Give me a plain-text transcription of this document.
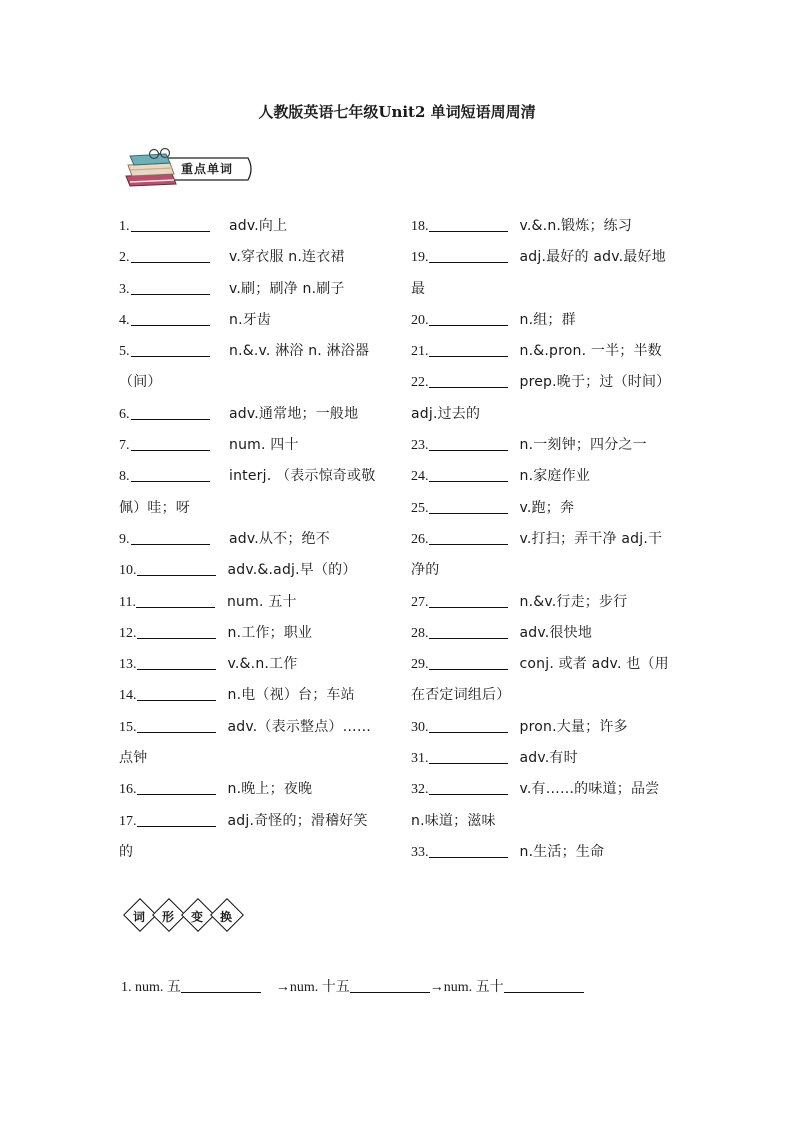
人教版英语七年级Unit2 单词短语周周清
重点单词
1.	adv.向上
2.	v.穿衣服 n.连衣裙
3.	v.刷；刷净 n.刷子
4.	n.牙齿
5.	n.&.v. 淋浴 n. 淋浴器
（间）
6.	adv.通常地；一般地
7.	num. 四十
8.	interj. （表示惊奇或敬
佩）哇；呀
9.	adv.从不；绝不
10.	adv.&.adj.早（的）
11.	num. 五十
12.	n.工作；职业
13.	v.&.n.工作
14.	n.电（视）台；车站
15.	adv.（表示整点）……
点钟
16.	n.晚上；夜晚
17.	adj.奇怪的；滑稽好笑
的
18.	v.&.n.锻炼；练习
19.	adj.最好的 adv.最好地
最
20.	n.组；群
21.	n.&.pron. 一半；半数
22.	prep.晚于；过（时间）
adj.过去的
23.	n.一刻钟；四分之一
24.	n.家庭作业
25.	v.跑；奔
26.	v.打扫；弄干净 adj.干
净的
27.	n.&v.行走；步行
28.	adv.很快地
29.	conj. 或者 adv. 也（用
在否定词组后）
30.	pron.大量；许多
31.	adv.有时
32.	v.有……的味道；品尝
n.味道；滋味
33.	n.生活；生命
词	形	变	换
1. num. 五	→num. 十五	→num. 五十
